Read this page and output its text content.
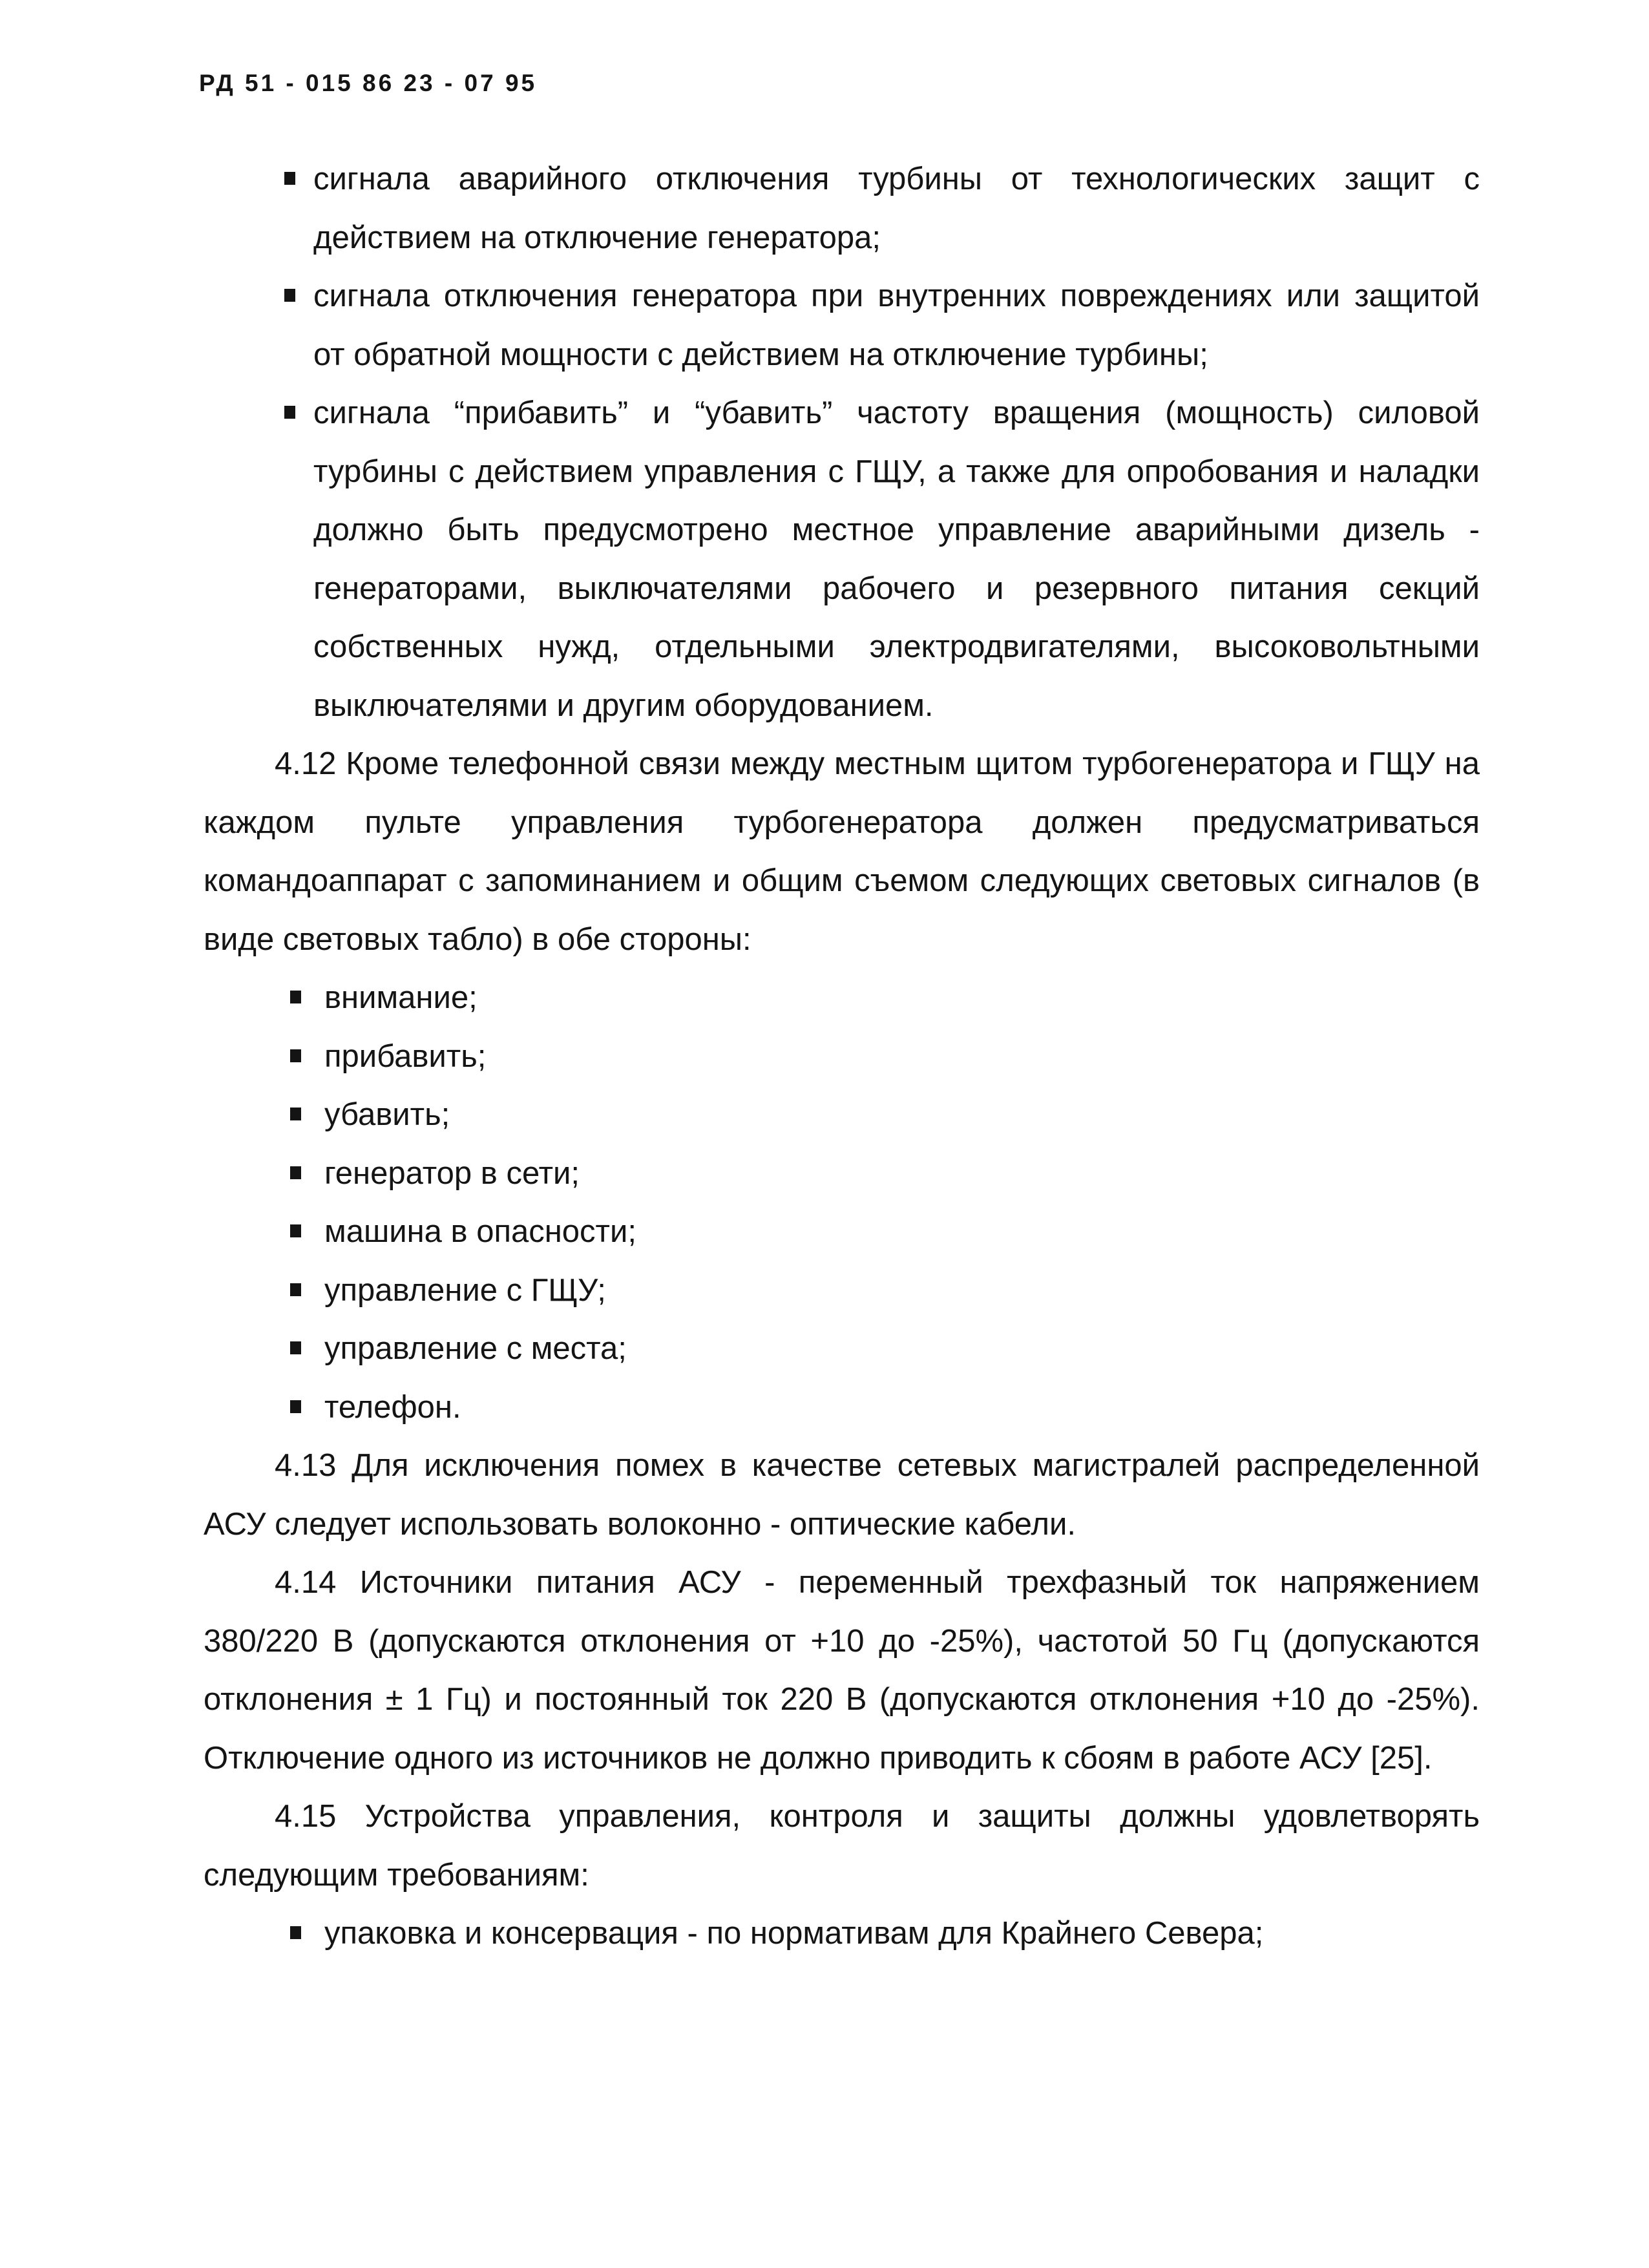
РД 51 - 015 86 23 - 07 95
сигнала аварийного отключения турбины от технологических защит с действием на отключение генератора;
сигнала отключения генератора при внутренних повреждениях или защитой от обратной мощности с действием на отключение турбины;
сигнала “прибавить” и “убавить” частоту вращения (мощность) силовой турбины с действием управления с ГЩУ, а также для опробования и наладки должно быть предусмотрено местное управление аварийными дизель - генераторами, выключателями рабочего и резервного питания секций собственных нужд, отдельными электродвигателями, высоковольтными выключателями и другим оборудованием.

4.12 Кроме телефонной связи между местным щитом турбогенератора и ГЩУ на каждом пульте управления турбогенератора должен предусматриваться командоаппарат с запоминанием и общим съемом следующих световых сигналов (в виде световых табло) в обе стороны:

внимание;
прибавить;
убавить;
генератор в сети;
машина в опасности;
управление с ГЩУ;
управление с места;
телефон.

4.13 Для исключения помех в качестве сетевых магистралей распределенной АСУ следует использовать волоконно - оптические кабели.

4.14 Источники питания АСУ - переменный трехфазный ток напряжением 380/220 В (допускаются отклонения от +10 до -25%), частотой 50 Гц (допускаются отклонения ± 1 Гц) и постоянный ток 220 В (допускаются отклонения +10 до -25%). Отключение одного из источников не должно приводить к сбоям в работе АСУ [25].

4.15 Устройства управления, контроля и защиты должны удовлетворять следующим требованиям:

упаковка и консервация - по нормативам для Крайнего Севера;
